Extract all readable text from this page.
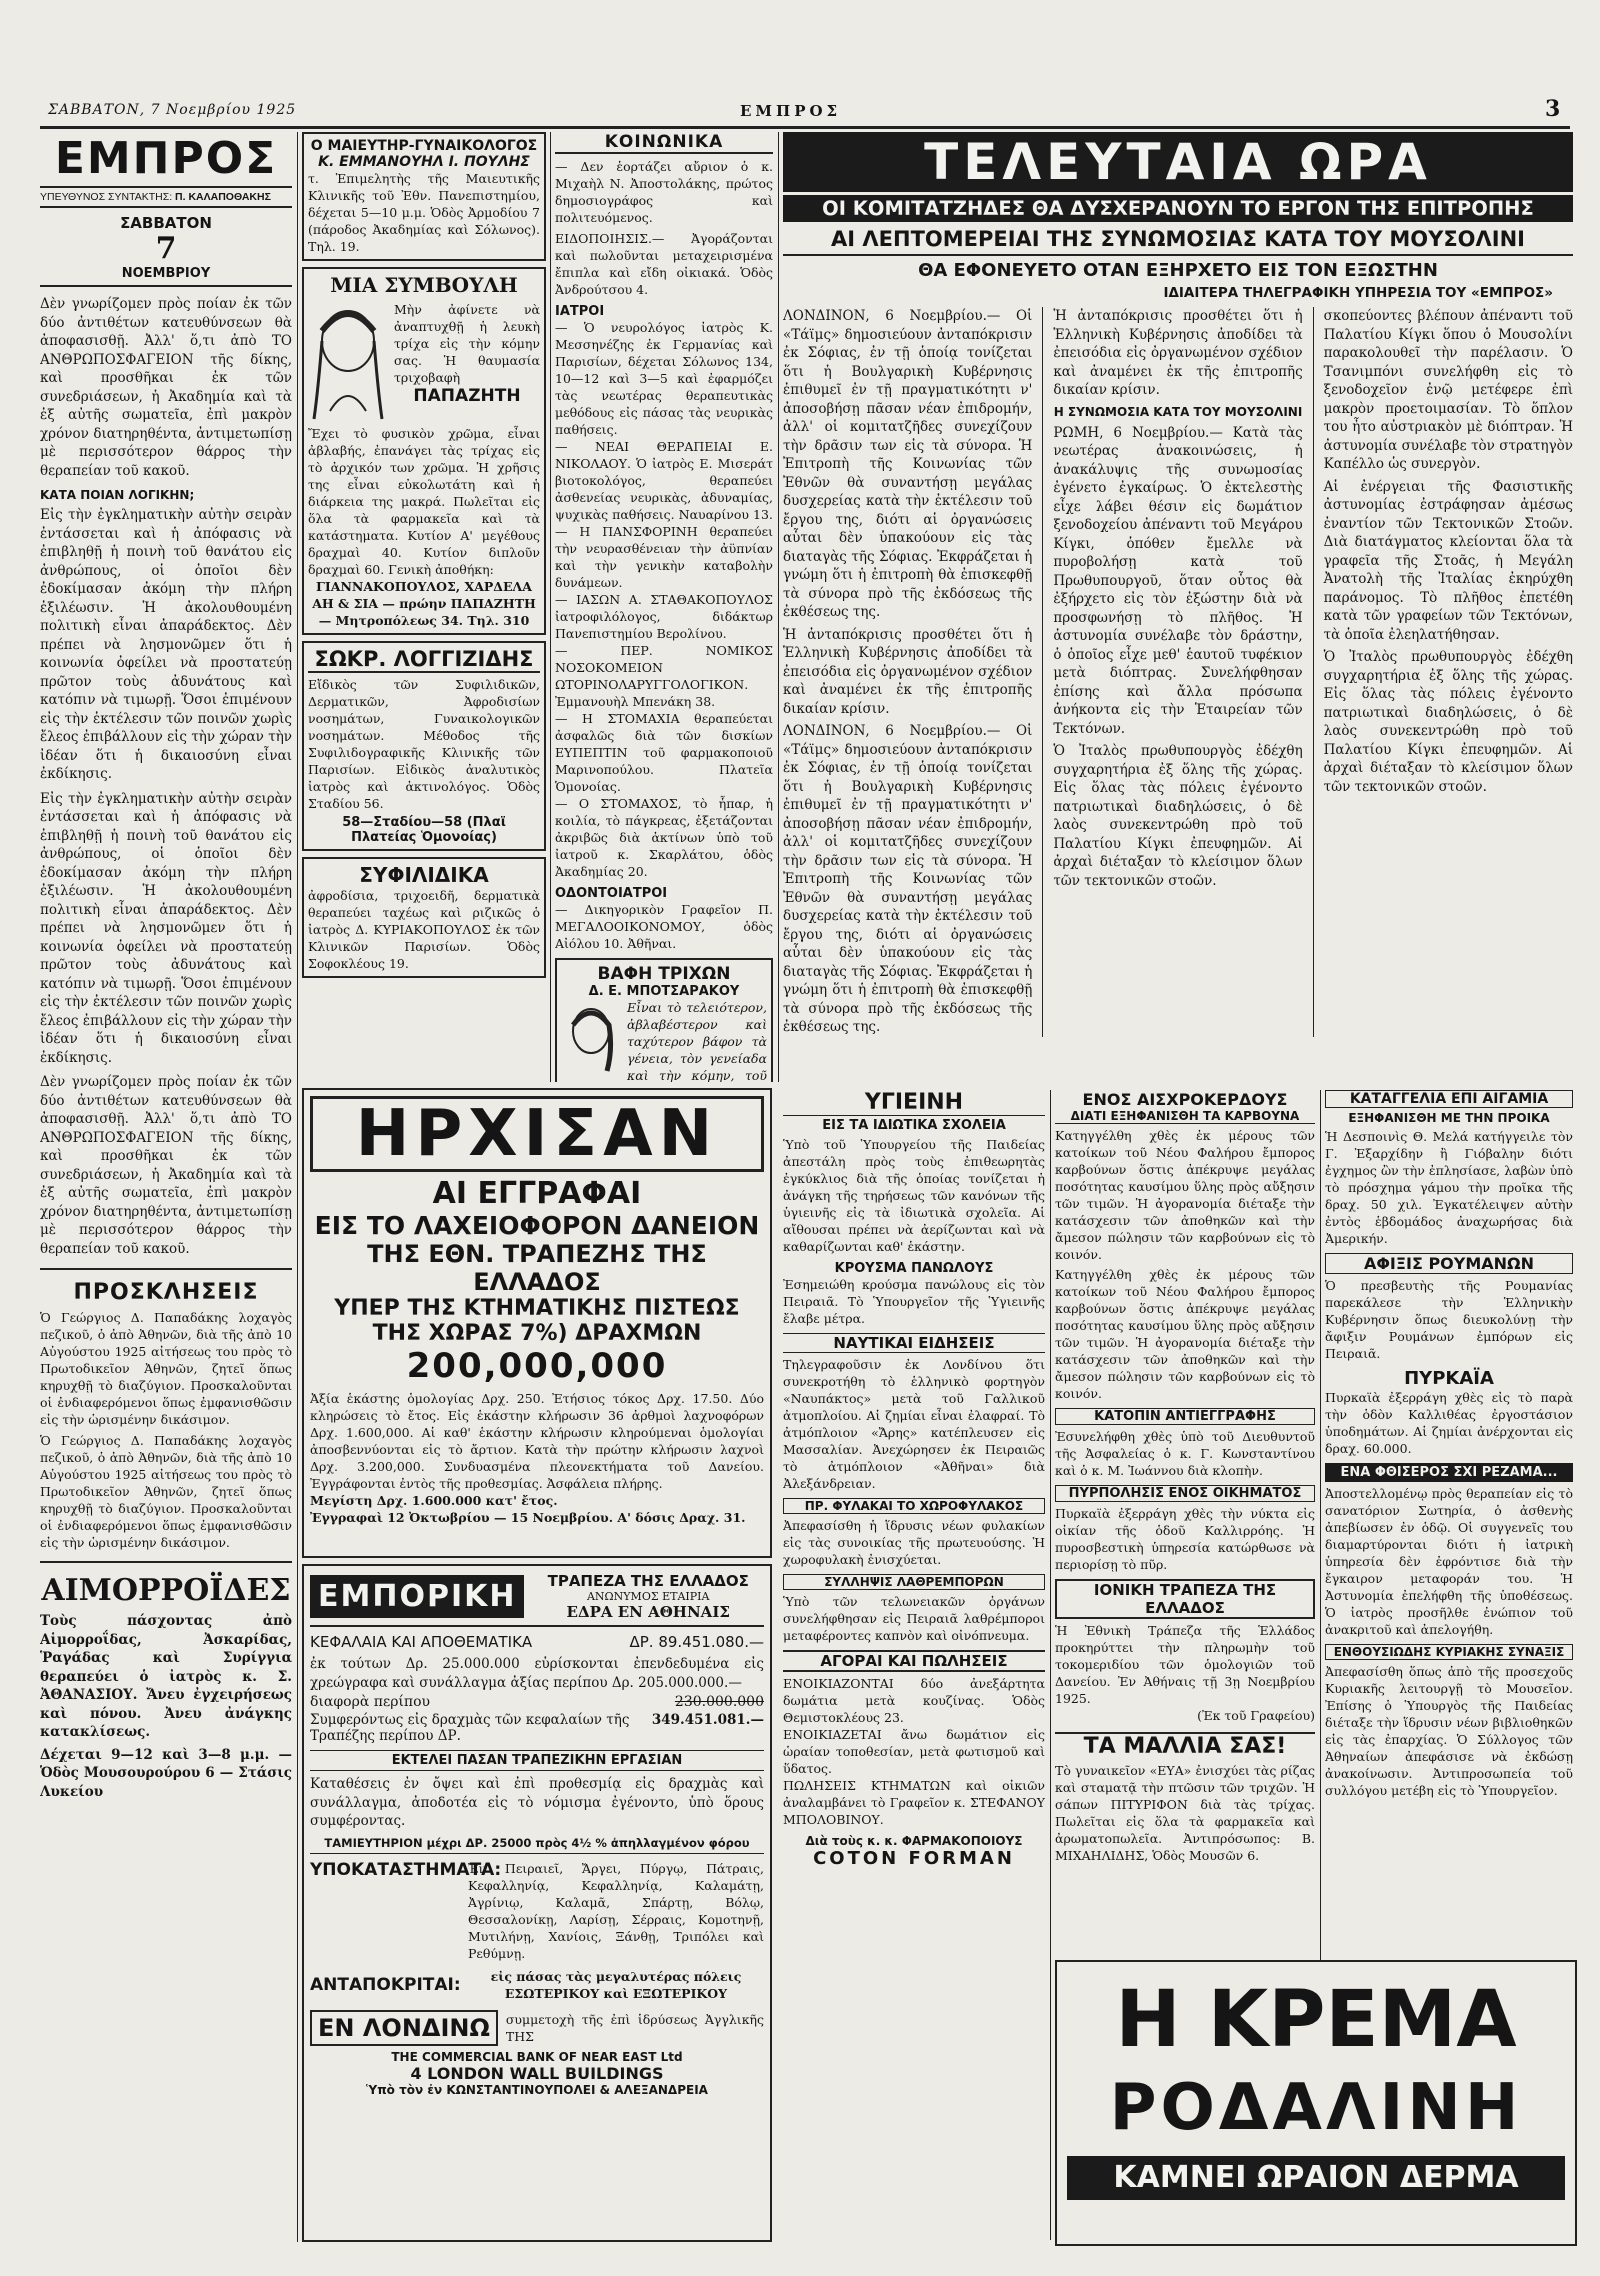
ΣΑΒΒΑΤΟΝ, 7 Νοεμβρίου 1925	ΕΜΠΡΟΣ	3
ΕΜΠΡΟΣ
ΥΠΕΥΘΥΝΟΣ ΣΥΝΤΑΚΤΗΣ: Π. ΚΑΛΑΠΟΘΑΚΗΣ
ΣΑΒΒΑΤΟΝ
7
ΝΟΕΜΒΡΙΟΥ

Δὲν γνωρίζομεν πρὸς ποίαν ἐκ τῶν δύο ἀντιθέτων κατευθύνσεων θὰ ἀποφασισθῇ. Ἀλλ' ὅ,τι ἀπὸ ΤΟ ΑΝΘΡΩΠΟΣΦΑΓΕΙΟΝ τῆς δίκης, καὶ προσθῆκαι ἐκ τῶν συνεδριάσεων, ἡ Ἀκαδημία καὶ τὰ ἐξ αὐτῆς σωματεῖα, ἐπὶ μακρὸν χρόνον διατηρηθέντα, ἀντιμετωπίσῃ μὲ περισσότερον θάρρος τὴν θεραπείαν τοῦ κακοῦ.

ΚΑΤΑ ΠΟΙΑΝ ΛΟΓΙΚΗΝ;

Εἰς τὴν ἐγκληματικὴν αὐτὴν σειρὰν ἐντάσσεται καὶ ἡ ἀπόφασις νὰ ἐπιβληθῇ ἡ ποινὴ τοῦ θανάτου εἰς ἀνθρώπους, οἱ ὁποῖοι δὲν ἐδοκίμασαν ἀκόμη τὴν πλήρη ἐξιλέωσιν. Ἡ ἀκολουθουμένη πολιτικὴ εἶναι ἀπαράδεκτος. Δὲν πρέπει νὰ λησμονῶμεν ὅτι ἡ κοινωνία ὀφείλει νὰ προστατεύῃ πρῶτον τοὺς ἀδυνάτους καὶ κατόπιν νὰ τιμωρῇ. Ὅσοι ἐπιμένουν εἰς τὴν ἐκτέλεσιν τῶν ποινῶν χωρὶς ἔλεος ἐπιβάλλουν εἰς τὴν χώραν τὴν ἰδέαν ὅτι ἡ δικαιοσύνη εἶναι ἐκδίκησις.

Εἰς τὴν ἐγκληματικὴν αὐτὴν σειρὰν ἐντάσσεται καὶ ἡ ἀπόφασις νὰ ἐπιβληθῇ ἡ ποινὴ τοῦ θανάτου εἰς ἀνθρώπους, οἱ ὁποῖοι δὲν ἐδοκίμασαν ἀκόμη τὴν πλήρη ἐξιλέωσιν. Ἡ ἀκολουθουμένη πολιτικὴ εἶναι ἀπαράδεκτος. Δὲν πρέπει νὰ λησμονῶμεν ὅτι ἡ κοινωνία ὀφείλει νὰ προστατεύῃ πρῶτον τοὺς ἀδυνάτους καὶ κατόπιν νὰ τιμωρῇ. Ὅσοι ἐπιμένουν εἰς τὴν ἐκτέλεσιν τῶν ποινῶν χωρὶς ἔλεος ἐπιβάλλουν εἰς τὴν χώραν τὴν ἰδέαν ὅτι ἡ δικαιοσύνη εἶναι ἐκδίκησις.

Δὲν γνωρίζομεν πρὸς ποίαν ἐκ τῶν δύο ἀντιθέτων κατευθύνσεων θὰ ἀποφασισθῇ. Ἀλλ' ὅ,τι ἀπὸ ΤΟ ΑΝΘΡΩΠΟΣΦΑΓΕΙΟΝ τῆς δίκης, καὶ προσθῆκαι ἐκ τῶν συνεδριάσεων, ἡ Ἀκαδημία καὶ τὰ ἐξ αὐτῆς σωματεῖα, ἐπὶ μακρὸν χρόνον διατηρηθέντα, ἀντιμετωπίσῃ μὲ περισσότερον θάρρος τὴν θεραπείαν τοῦ κακοῦ.

ΠΡΟΣΚΛΗΣΕΙΣ

Ὁ Γεώργιος Δ. Παπαδάκης λοχαγὸς πεζικοῦ, ὁ ἀπὸ Ἀθηνῶν, διὰ τῆς ἀπὸ 10 Αὐγούστου 1925 αἰτήσεως του πρὸς τὸ Πρωτοδικεῖον Ἀθηνῶν, ζητεῖ ὅπως κηρυχθῇ τὸ διαζύγιον. Προσκαλοῦνται οἱ ἐνδιαφερόμενοι ὅπως ἐμφανισθῶσιν εἰς τὴν ὡρισμένην δικάσιμον.

Ὁ Γεώργιος Δ. Παπαδάκης λοχαγὸς πεζικοῦ, ὁ ἀπὸ Ἀθηνῶν, διὰ τῆς ἀπὸ 10 Αὐγούστου 1925 αἰτήσεως του πρὸς τὸ Πρωτοδικεῖον Ἀθηνῶν, ζητεῖ ὅπως κηρυχθῇ τὸ διαζύγιον. Προσκαλοῦνται οἱ ἐνδιαφερόμενοι ὅπως ἐμφανισθῶσιν εἰς τὴν ὡρισμένην δικάσιμον.

ΑΙΜΟΡΡΟΪΔΕΣ

Τοὺς πάσχοντας ἀπὸ Αἱμορροΐδας, Ἀσκαρίδας, Ῥαγάδας καὶ Συρίγγια θεραπεύει ὁ ἰατρὸς κ. Σ. ἈΘΑΝΑΣΙΟΥ. Ἄνευ ἐγχειρήσεως καὶ πόνου. Ἀνευ ἀνάγκης κατακλίσεως.

Δέχεται 9—12 καὶ 3—8 μ.μ. — Ὁδὸς Μουσουρούρου 6 — Στάσις Λυκείου

Ο ΜΑΙΕΥΤΗΡ-ΓΥΝΑΙΚΟΛΟΓΟΣ
Κ. ΕΜΜΑΝΟΥΗΛ Ι. ΠΟΥΛΗΣ

τ. Ἐπιμελητὴς τῆς Μαιευτικῆς Κλινικῆς τοῦ Ἐθν. Πανεπιστημίου, δέχεται 5—10 μ.μ. Ὁδὸς Ἀρμοδίου 7 (πάροδος Ἀκαδημίας καὶ Σόλωνος). Τηλ. 19.

ΜΙΑ ΣΥΜΒΟΥΛΗ

Μὴν ἀφίνετε νὰ ἀναπτυχθῇ ἡ λευκὴ τρίχα εἰς τὴν κόμην σας. Ἡ θαυμασία τριχοβαφὴ

ΠΑΠΑΖΗΤΗ

Ἔχει τὸ φυσικὸν χρῶμα, εἶναι ἀβλαβής, ἐπανάγει τὰς τρίχας εἰς τὸ ἀρχικόν των χρῶμα. Ἡ χρῆσις της εἶναι εὐκολωτάτη καὶ ἡ διάρκεια της μακρά. Πωλεῖται εἰς ὅλα τὰ φαρμακεῖα καὶ τὰ κατάστηματα. Κυτίον Α' μεγέθους δραχμαὶ 40. Κυτίον διπλοῦν δραχμαὶ 60. Γενικὴ ἀποθήκη:

ΓΙΑΝΝΑΚΟΠΟΥΛΟΣ, ΧΑΡΔΕΛΑ ΑΗ & ΣΙΑ — πρώην ΠΑΠΑΖΗΤΗ — Μητροπόλεως 34. Τηλ. 310

ΣΩΚΡ. ΛΟΓΓΙΖΙΔΗΣ

Εἴδικὸς τῶν Συφιλιδικῶν, Δερματικῶν, Ἀφροδισίων νοσημάτων, Γυναικολογικῶν νοσημάτων. Μέθοδος τῆς Συφιλιδογραφικῆς Κλινικῆς τῶν Παρισίων. Εἰδικὸς ἀναλυτικὸς ἰατρὸς καὶ ἀκτινολόγος. Ὁδὸς Σταδίου 56.

58—Σταδίου—58 (Πλαϊ Πλατείας Ὁμονοίας)
ΣΥΦΙΛΙΔΙΚΑ

ἀφροδίσια, τριχοειδῆ, δερματικὰ θεραπεύει ταχέως καὶ ριζικῶς ὁ ἰατρὸς Δ. ΚΥΡΙΑΚΟΠΟΥΛΟΣ ἐκ τῶν Κλινικῶν Παρισίων. Ὁδὸς Σοφοκλέους 19.

ΚΟΙΝΩΝΙΚΑ

— Δεν ἑορτάζει αὔριον ὁ κ. Μιχαὴλ Ν. Ἀποστολάκης, πρώτος δημοσιογράφος καὶ πολιτευόμενος.

ΕΙΔΟΠΟΙΗΣΙΣ.— Ἀγοράζονται καὶ πωλοῦνται μεταχειρισμένα ἔπιπλα καὶ εἴδη οἰκιακά. Ὁδὸς Ἀνδρούτσου 4.

ΙΑΤΡΟΙ

— Ὁ νευρολόγος ἰατρὸς Κ. Μεσσηνέζης ἐκ Γερμανίας καὶ Παρισίων, δέχεται Σόλωνος 134, 10—12 καὶ 3—5 καὶ ἐφαρμόζει τὰς νεωτέρας θεραπευτικὰς μεθόδους εἰς πάσας τὰς νευρικὰς παθήσεις.
— ΝΕΑΙ ΘΕΡΑΠΕΙΑΙ Ε. ΝΙΚΟΛΑΟΥ. Ὁ ἰατρὸς Ε. Μισεράτ βιοτοκολόγος, θεραπεύει ἀσθενείας νευρικὰς, ἀδυναμίας, ψυχικὰς παθήσεις. Ναυαρίνου 13.
— Η ΠΑΝΣΦΟΡΙΝΗ θεραπεύει τὴν νευρασθένειαν τὴν ἀϋπνίαν καὶ τὴν γενικὴν καταβολὴν δυνάμεων.
— ΙΑΣΩΝ Α. ΣΤΑΘΑΚΟΠΟΥΛΟΣ ἰατροφιλόλογος, διδάκτωρ Πανεπιστημίου Βερολίνου.
— ΠΕΡ. ΝΟΜΙΚΟΣ ΝΟΣΟΚΟΜΕΙΟΝ ΩΤΟΡΙΝΟΛΑΡΥΓΓΟΛΟΓΙΚΟΝ. Ἐμμανουὴλ Μπενάκη 38.
— Η ΣΤΟΜΑΧΙΑ θεραπεύεται ἀσφαλῶς διὰ τῶν δισκίων ΕΥΠΕΠΤΙΝ τοῦ φαρμακοποιοῦ Μαρινοπούλου. Πλατεῖα Ὁμονοίας.
— Ο ΣΤΟΜΑΧΟΣ, τὸ ἧπαρ, ἡ κοιλία, τὸ πάγκρεας, ἐξετάζονται ἀκριβῶς διὰ ἀκτίνων ὑπὸ τοῦ ἰατροῦ κ. Σκαρλάτου, ὁδὸς Ἀκαδημίας 20.

ΟΔΟΝΤΟΙΑΤΡΟΙ

— Δικηγορικὸν Γραφεῖον Π. ΜΕΓΑΛΟΟΙΚΟΝΟΜΟΥ, ὁδὸς Αἰόλου 10. Ἀθῆναι.

ΒΑΦΗ ΤΡΙΧΩΝ
Δ. Ε. ΜΠΟΤΣΑΡΑΚΟΥ

Εἶναι τὸ τελειότερον, ἀβλαβέστερον καὶ ταχύτερον βάφον τὰ γένεια, τὸν γενείαδα καὶ τὴν κόμην, τοῦ

ΤΕΛΕΥΤΑΙΑ ΩΡΑ
ΟΙ ΚΟΜΙΤΑΤΖΗΔΕΣ ΘΑ ΔΥΣΧΕΡΑΝΟΥΝ ΤΟ ΕΡΓΟΝ ΤΗΣ ΕΠΙΤΡΟΠΗΣ
ΑΙ ΛΕΠΤΟΜΕΡΕΙΑΙ ΤΗΣ ΣΥΝΩΜΟΣΙΑΣ ΚΑΤΑ ΤΟΥ ΜΟΥΣΟΛΙΝΙ
ΘΑ ΕΦΟΝΕΥΕΤΟ ΟΤΑΝ ΕΞΗΡΧΕΤΟ ΕΙΣ ΤΟΝ ΕΞΩΣΤΗΝ
ΙΔΙΑΙΤΕΡΑ ΤΗΛΕΓΡΑΦΙΚΗ ΥΠΗΡΕΣΙΑ ΤΟΥ «ΕΜΠΡΟΣ»

ΛΟΝΔΙΝΟΝ, 6 Νοεμβρίου.— Οἱ «Τάϊμς» δημοσιεύουν ἀνταπόκρισιν ἐκ Σόφιας, ἐν τῇ ὁποίᾳ τονίζεται ὅτι ἡ Βουλγαρικὴ Κυβέρνησις ἐπιθυμεῖ ἐν τῇ πραγματικότητι ν' ἀποσοβήσῃ πᾶσαν νέαν ἐπιδρομήν, ἀλλ' οἱ κομιτατζῆδες συνεχίζουν τὴν δρᾶσιν των εἰς τὰ σύνορα. Ἡ Ἐπιτροπὴ τῆς Κοινωνίας τῶν Ἐθνῶν θὰ συναντήσῃ μεγάλας δυσχερείας κατὰ τὴν ἐκτέλεσιν τοῦ ἔργου της, διότι αἱ ὀργανώσεις αὗται δὲν ὑπακούουν εἰς τὰς διαταγὰς τῆς Σόφιας. Ἐκφράζεται ἡ γνώμη ὅτι ἡ ἐπιτροπὴ θὰ ἐπισκεφθῇ τὰ σύνορα πρὸ τῆς ἐκδόσεως τῆς ἐκθέσεως της.

Ἡ ἀνταπόκρισις προσθέτει ὅτι ἡ Ἑλληνικὴ Κυβέρνησις ἀποδίδει τὰ ἐπεισόδια εἰς ὀργανωμένον σχέδιον καὶ ἀναμένει ἐκ τῆς ἐπιτροπῆς δικαίαν κρίσιν.

ΛΟΝΔΙΝΟΝ, 6 Νοεμβρίου.— Οἱ «Τάϊμς» δημοσιεύουν ἀνταπόκρισιν ἐκ Σόφιας, ἐν τῇ ὁποίᾳ τονίζεται ὅτι ἡ Βουλγαρικὴ Κυβέρνησις ἐπιθυμεῖ ἐν τῇ πραγματικότητι ν' ἀποσοβήσῃ πᾶσαν νέαν ἐπιδρομήν, ἀλλ' οἱ κομιτατζῆδες συνεχίζουν τὴν δρᾶσιν των εἰς τὰ σύνορα. Ἡ Ἐπιτροπὴ τῆς Κοινωνίας τῶν Ἐθνῶν θὰ συναντήσῃ μεγάλας δυσχερείας κατὰ τὴν ἐκτέλεσιν τοῦ ἔργου της, διότι αἱ ὀργανώσεις αὗται δὲν ὑπακούουν εἰς τὰς διαταγὰς τῆς Σόφιας. Ἐκφράζεται ἡ γνώμη ὅτι ἡ ἐπιτροπὴ θὰ ἐπισκεφθῇ τὰ σύνορα πρὸ τῆς ἐκδόσεως τῆς ἐκθέσεως της.

Ἡ ἀνταπόκρισις προσθέτει ὅτι ἡ Ἑλληνικὴ Κυβέρνησις ἀποδίδει τὰ ἐπεισόδια εἰς ὀργανωμένον σχέδιον καὶ ἀναμένει ἐκ τῆς ἐπιτροπῆς δικαίαν κρίσιν.

Η ΣΥΝΩΜΟΣΙΑ ΚΑΤΑ ΤΟΥ ΜΟΥΣΟΛΙΝΙ

ΡΩΜΗ, 6 Νοεμβρίου.— Κατὰ τὰς νεωτέρας ἀνακοινώσεις, ἡ ἀνακάλυψις τῆς συνωμοσίας ἐγένετο ἐγκαίρως. Ὁ ἐκτελεστὴς εἶχε λάβει θέσιν εἰς δωμάτιον ξενοδοχείου ἀπέναντι τοῦ Μεγάρου Κίγκι, ὁπόθεν ἔμελλε νὰ πυροβολήσῃ κατὰ τοῦ Πρωθυπουργοῦ, ὅταν οὗτος θὰ ἐξήρχετο εἰς τὸν ἐξώστην διὰ νὰ προσφωνήσῃ τὸ πλῆθος. Ἡ ἀστυνομία συνέλαβε τὸν δράστην, ὁ ὁποῖος εἶχε μεθ' ἑαυτοῦ τυφέκιον μετὰ διόπτρας. Συνελήφθησαν ἐπίσης καὶ ἄλλα πρόσωπα ἀνήκοντα εἰς τὴν Ἑταιρείαν τῶν Τεκτόνων.

Ὁ Ἰταλὸς πρωθυπουργὸς ἐδέχθη συγχαρητήρια ἐξ ὅλης τῆς χώρας. Εἰς ὅλας τὰς πόλεις ἐγένοντο πατριωτικαὶ διαδηλώσεις, ὁ δὲ λαὸς συνεκεντρώθη πρὸ τοῦ Παλατίου Κίγκι ἐπευφημῶν. Αἱ ἀρχαὶ διέταξαν τὸ κλείσιμον ὅλων τῶν τεκτονικῶν στοῶν.

σκοπεύοντες βλέπουν ἀπέναντι τοῦ Παλατίου Κίγκι ὅπου ὁ Μουσολίνι παρακολουθεῖ τὴν παρέλασιν. Ὁ Τσανιμπόνι συνελήφθη εἰς τὸ ξενοδοχεῖον ἐνῷ μετέφερε ἐπὶ μακρὸν προετοιμασίαν. Τὸ ὅπλον του ἦτο αὐστριακὸν μὲ διόπτραν. Ἡ ἀστυνομία συνέλαβε τὸν στρατηγὸν Καπέλλο ὡς συνεργὸν.

Αἱ ἐνέργειαι τῆς Φασιστικῆς ἀστυνομίας ἐστράφησαν ἀμέσως ἐναντίον τῶν Τεκτονικῶν Στοῶν. Διὰ διατάγματος κλείονται ὅλα τὰ γραφεῖα τῆς Στοᾶς, ἡ Μεγάλη Ἀνατολὴ τῆς Ἰταλίας ἐκηρύχθη παράνομος. Τὸ πλῆθος ἐπετέθη κατὰ τῶν γραφείων τῶν Τεκτόνων, τὰ ὁποῖα ἐλεηλατήθησαν.

Ὁ Ἰταλὸς πρωθυπουργὸς ἐδέχθη συγχαρητήρια ἐξ ὅλης τῆς χώρας. Εἰς ὅλας τὰς πόλεις ἐγένοντο πατριωτικαὶ διαδηλώσεις, ὁ δὲ λαὸς συνεκεντρώθη πρὸ τοῦ Παλατίου Κίγκι ἐπευφημῶν. Αἱ ἀρχαὶ διέταξαν τὸ κλείσιμον ὅλων τῶν τεκτονικῶν στοῶν.

ΗΡΧΙΣΑΝ
ΑΙ ΕΓΓΡΑΦΑΙ
ΕΙΣ ΤΟ ΛΑΧΕΙΟΦΟΡΟΝ ΔΑΝΕΙΟΝ
ΤΗΣ ΕΘΝ. ΤΡΑΠΕΖΗΣ ΤΗΣ ΕΛΛΑΔΟΣ
ΥΠΕΡ ΤΗΣ ΚΤΗΜΑΤΙΚΗΣ ΠΙΣΤΕΩΣ
ΤΗΣ ΧΩΡΑΣ 7%) ΔΡΑΧΜΩΝ
200,000,000

Ἀξία ἑκάστης ὁμολογίας Δρχ. 250. Ἐτήσιος τόκος Δρχ. 17.50. Δύο κληρώσεις τὸ ἔτος. Εἰς ἑκάστην κλήρωσιν 36 ἀρθμοὶ λαχνοφόρων Δρχ. 1.600,000. Αἱ καθ' ἑκάστην κλήρωσιν κληρούμεναι ὁμολογίαι ἀποσβεννύονται εἰς τὸ ἄρτιον. Κατὰ τὴν πρώτην κλήρωσιν λαχνοὶ Δρχ. 3.200,000. Συνδυασμένα πλεονεκτήματα τοῦ Δανείου. Ἐγγράφονται ἐντὸς τῆς προθεσμίας. Ἀσφάλεια πλήρης.

Μεγίστη Δρχ. 1.600.000 κατ' ἔτος.

Ἐγγραφαὶ 12 Ὀκτωβρίου — 15 Νοεμβρίου. Α' δόσις Δραχ. 31.

ΕΜΠΟΡΙΚΗ	ΤΡΑΠΕΖΑ ΤΗΣ ΕΛΛΑΔΟΣ
ΑΝΩΝΥΜΟΣ ΕΤΑΙΡΙΑ
ΕΔΡΑ ΕΝ ΑΘΗΝΑΙΣ
ΚΕΦΑΛΑΙΑ ΚΑΙ ΑΠΟΘΕΜΑΤΙΚΑ	ΔΡ. 89.451.080.—

ἐκ τούτων Δρ. 25.000.000 εὑρίσκονται ἐπενδεδυμένα εἰς χρεώγραφα καὶ συνάλλαγμα ἀξίας περίπου Δρ. 205.000.000.—

διαφορὰ περίπου	230.000.000
Συμφερόντως εἰς δραχμὰς τῶν κεφαλαίων τῆς Τραπέζης περίπου ΔΡ.
349.451.081.—
ΕΚΤΕΛΕΙ ΠΑΣΑΝ ΤΡΑΠΕΖΙΚΗΝ ΕΡΓΑΣΙΑΝ

Καταθέσεις ἐν ὄψει καὶ ἐπὶ προθεσμίᾳ εἰς δραχμὰς καὶ συνάλλαγμα, ἀποδοτέα εἰς τὸ νόμισμα ἐγένοντο, ὑπὸ ὅρους συμφέροντας.

ΤΑΜΙΕΥΤΗΡΙΟΝ μέχρι ΔΡ. 25000 πρὸς 4½ % ἀπηλλαγμένον φόρου
ΥΠΟΚΑΤΑΣΤΗΜΑΤΑ:

Ἐν Πειραιεῖ, Ἄργει, Πύργῳ, Πάτραις, Κεφαλληνίᾳ, Κεφαλληνίᾳ, Καλαμάτῃ, Ἀγρίνιῳ, Καλαμᾶ, Σπάρτῃ, Βόλῳ, Θεσσαλονίκῃ, Λαρίσῃ, Σέρραις, Κομοτηνῇ, Μυτιλήνῃ, Χανίοις, Ξάνθῃ, Τριπόλει καὶ Ρεθύμνῃ.

ΑΝΤΑΠΟΚΡΙΤΑΙ:	εἰς πάσας τὰς μεγαλυτέρας πόλεις ΕΣΩΤΕΡΙΚΟΥ καὶ ΕΞΩΤΕΡΙΚΟΥ

ΕΝ ΛΟΝΔΙΝΩ	συμμετοχὴ τῆς ἐπὶ ἱδρύσεως Ἀγγλικῆς ΤΗΣ

THE COMMERCIAL BANK OF NEAR EAST Ltd
4 LONDON WALL BUILDINGS
Ὑπὸ τὸν ἐν ΚΩΝΣΤΑΝΤΙΝΟΥΠΟΛΕΙ & ΑΛΕΞΑΝΔΡΕΙΑ
ΥΓΙΕΙΝΗ
ΕΙΣ ΤΑ ΙΔΙΩΤΙΚΑ ΣΧΟΛΕΙΑ

Ὑπὸ τοῦ Ὑπουργείου τῆς Παιδείας ἀπεστάλη πρὸς τοὺς ἐπιθεωρητὰς ἐγκύκλιος διὰ τῆς ὁποίας τονίζεται ἡ ἀνάγκη τῆς τηρήσεως τῶν κανόνων τῆς ὑγιεινῆς εἰς τὰ ἰδιωτικὰ σχολεῖα. Αἱ αἴθουσαι πρέπει νὰ ἀερίζωνται καὶ νὰ καθαρίζωνται καθ' ἑκάστην.

ΚΡΟΥΣΜΑ ΠΑΝΩΛΟΥΣ

Ἐσημειώθη κρούσμα πανώλους εἰς τὸν Πειραιᾶ. Τὸ Ὑπουργεῖον τῆς Ὑγιεινῆς ἔλαβε μέτρα.

ΝΑΥΤΙΚΑΙ ΕΙΔΗΣΕΙΣ

Τηλεγραφοῦσιν ἐκ Λονδίνου ὅτι συνεκροτήθη τὸ ἑλληνικὸ φορτηγὸν «Ναυπάκτος» μετὰ τοῦ Γαλλικοῦ ἀτμοπλοίου. Αἱ ζημίαι εἶναι ἐλαφραί. Τὸ ἀτμόπλοιον «Ἄρης» κατέπλευσεν εἰς Μασσαλίαν. Ἀνεχώρησεν ἐκ Πειραιῶς τὸ ἀτμόπλοιον «Ἀθῆναι» διὰ Ἀλεξάνδρειαν.

ΠΡ. ΦΥΛΑΚΑΙ ΤΟ ΧΩΡΟΦΥΛΑΚΟΣ

Ἀπεφασίσθη ἡ ἵδρυσις νέων φυλακίων εἰς τὰς συνοικίας τῆς πρωτευούσης. Ἡ χωροφυλακὴ ἐνισχύεται.

ΣΥΛΛΗΨΙΣ ΛΑΘΡΕΜΠΟΡΩΝ

Ὑπὸ τῶν τελωνειακῶν ὀργάνων συνελήφθησαν εἰς Πειραιᾶ λαθρέμποροι μεταφέροντες καπνὸν καὶ οἰνόπνευμα.

ΑΓΟΡΑΙ ΚΑΙ ΠΩΛΗΣΕΙΣ

ΕΝΟΙΚΙΑΖΟΝΤΑΙ δύο ἀνεξάρτητα δωμάτια μετὰ κουζίνας. Ὁδὸς Θεμιστοκλέους 23.
ΕΝΟΙΚΙΑΖΕΤΑΙ ἄνω δωμάτιον εἰς ὡραίαν τοποθεσίαν, μετὰ φωτισμοῦ καὶ ὕδατος.
ΠΩΛΗΣΕΙΣ ΚΤΗΜΑΤΩΝ καὶ οἰκιῶν ἀναλαμβάνει τὸ Γραφεῖον κ. ΣΤΕΦΑΝΟΥ ΜΠΟΛΟΒΙΝΟΥ.

Διὰ τοὺς κ. κ. ΦΑΡΜΑΚΟΠΟΙΟΥΣ
COTON FORMAN
ΕΝΟΣ ΑΙΣΧΡΟΚΕΡΔΟΥΣ
ΔΙΑΤΙ ΕΞΗΦΑΝΙΣΘΗ ΤΑ ΚΑΡΒΟΥΝΑ

Κατηγγέλθη χθὲς ἐκ μέρους τῶν κατοίκων τοῦ Νέου Φαλήρου ἔμπορος καρβούνων ὅστις ἀπέκρυψε μεγάλας ποσότητας καυσίμου ὕλης πρὸς αὔξησιν τῶν τιμῶν. Ἡ ἀγορανομία διέταξε τὴν κατάσχεσιν τῶν ἀποθηκῶν καὶ τὴν ἄμεσον πώλησιν τῶν καρβούνων εἰς τὸ κοινόν.

Κατηγγέλθη χθὲς ἐκ μέρους τῶν κατοίκων τοῦ Νέου Φαλήρου ἔμπορος καρβούνων ὅστις ἀπέκρυψε μεγάλας ποσότητας καυσίμου ὕλης πρὸς αὔξησιν τῶν τιμῶν. Ἡ ἀγορανομία διέταξε τὴν κατάσχεσιν τῶν ἀποθηκῶν καὶ τὴν ἄμεσον πώλησιν τῶν καρβούνων εἰς τὸ κοινόν.

ΚΑΤΟΠΙΝ ΑΝΤΙΕΓΓΡΑΦΗΣ

Ἐσυνελήφθη χθὲς ὑπὸ τοῦ Διευθυντοῦ τῆς Ἀσφαλείας ὁ κ. Γ. Κωνσταντίνου καὶ ὁ κ. Μ. Ἰωάννου διὰ κλοπὴν.

ΠΥΡΠΟΛΗΣΙΣ ΕΝΟΣ ΟΙΚΗΜΑΤΟΣ

Πυρκαϊὰ ἐξερράγη χθὲς τὴν νύκτα εἰς οἰκίαν τῆς ὁδοῦ Καλλιρρόης. Ἡ πυροσβεστικὴ ὑπηρεσία κατώρθωσε νὰ περιορίσῃ τὸ πῦρ.

ΙΟΝΙΚΗ ΤΡΑΠΕΖΑ ΤΗΣ ΕΛΛΑΔΟΣ

Ἡ Ἐθνικὴ Τράπεζα τῆς Ἑλλάδος προκηρύττει τὴν πληρωμὴν τοῦ τοκομεριδίου τῶν ὁμολογιῶν τοῦ Δανείου. Ἐν Ἀθήναις τῇ 3ῃ Νοεμβρίου 1925.

(Ἐκ τοῦ Γραφείου)

ΤΑ ΜΑΛΛΙΑ ΣΑΣ!

Τὸ γυναικεῖον «ΕΥΑ» ἐνισχύει τὰς ρίζας καὶ σταματᾷ τὴν πτῶσιν τῶν τριχῶν. Ἡ σάπων ΠΙΤΥΡΙΦΟΝ διὰ τὰς τρίχας. Πωλεῖται εἰς ὅλα τὰ φαρμακεῖα καὶ ἀρωματοπωλεῖα. Ἀντιπρόσωπος: Β. ΜΙΧΑΗΛΙΔΗΣ, Ὁδὸς Μουσῶν 6.

ΚΑΤΑΓΓΕΛΙΑ ΕΠΙ ΑΙΓΑΜΙΑ
ΕΞΗΦΑΝΙΣΘΗ ΜΕ ΤΗΝ ΠΡΟΙΚΑ

Ἡ Δεσποινὶς Θ. Μελά κατήγγειλε τὸν Γ. Ἐξαρχίδην ἢ Γιόβαλην διότι ἐγχημος ὢν τὴν ἐπλησίασε, λαβὼν ὑπὸ τὸ πρόσχημα γάμου τὴν προῖκα τῆς δραχ. 50 χιλ. Ἐγκατέλειψεν αὐτὴν ἐντὸς ἑβδομάδος ἀναχωρήσας διὰ Ἀμερικήν.

ΑΦΙΞΙΣ ΡΟΥΜΑΝΩΝ

Ὁ πρεσβευτὴς τῆς Ρουμανίας παρεκάλεσε τὴν Ἑλληνικὴν Κυβέρνησιν ὅπως διευκολύνῃ τὴν ἄφιξιν Ρουμάνων ἐμπόρων εἰς Πειραιᾶ.

ΠΥΡΚΑΪΑ

Πυρκαϊὰ ἐξερράγη χθὲς εἰς τὸ παρὰ τὴν ὁδὸν Καλλιθέας ἐργοστάσιον ὑποδημάτων. Αἱ ζημίαι ἀνέρχονται εἰς δραχ. 60.000.

ΕΝΑ ΦΘΙΣΕΡΟΣ ΣΧΙ ΡΕΖΑΜΑ...

Ἀποστελλομένῳ πρὸς θεραπείαν εἰς τὸ σανατόριον Σωτηρία, ὁ ἀσθενὴς ἀπεβίωσεν ἐν ὁδῷ. Οἱ συγγενεῖς του διαμαρτύρονται διότι ἡ ἰατρικὴ ὑπηρεσία δὲν ἐφρόντισε διὰ τὴν ἔγκαιρον μεταφοράν του. Ἡ Ἀστυνομία ἐπελήφθη τῆς ὑποθέσεως. Ὁ ἰατρὸς προσῆλθε ἐνώπιον τοῦ ἀνακριτοῦ καὶ ἀπελογήθη.

ΕΝΘΟΥΣΙΩΔΗΣ ΚΥΡΙΑΚΗΣ ΣΥΝΑΞΙΣ

Ἀπεφασίσθη ὅπως ἀπὸ τῆς προσεχοῦς Κυριακῆς λειτουργῇ τὸ Μουσεῖον. Ἐπίσης ὁ Ὑπουργὸς τῆς Παιδείας διέταξε τὴν ἵδρυσιν νέων βιβλιοθηκῶν εἰς τὰς ἐπαρχίας. Ὁ Σύλλογος τῶν Ἀθηναίων ἀπεφάσισε νὰ ἐκδώσῃ ἀνακοίνωσιν. Ἀντιπροσωπεία τοῦ συλλόγου μετέβη εἰς τὸ Ὑπουργεῖον.

Η ΚΡΕΜΑ
ΡΟΔΑΛΙΝΗ
ΚΑΜΝΕΙ ΩΡΑΙΟΝ ΔΕΡΜΑ
